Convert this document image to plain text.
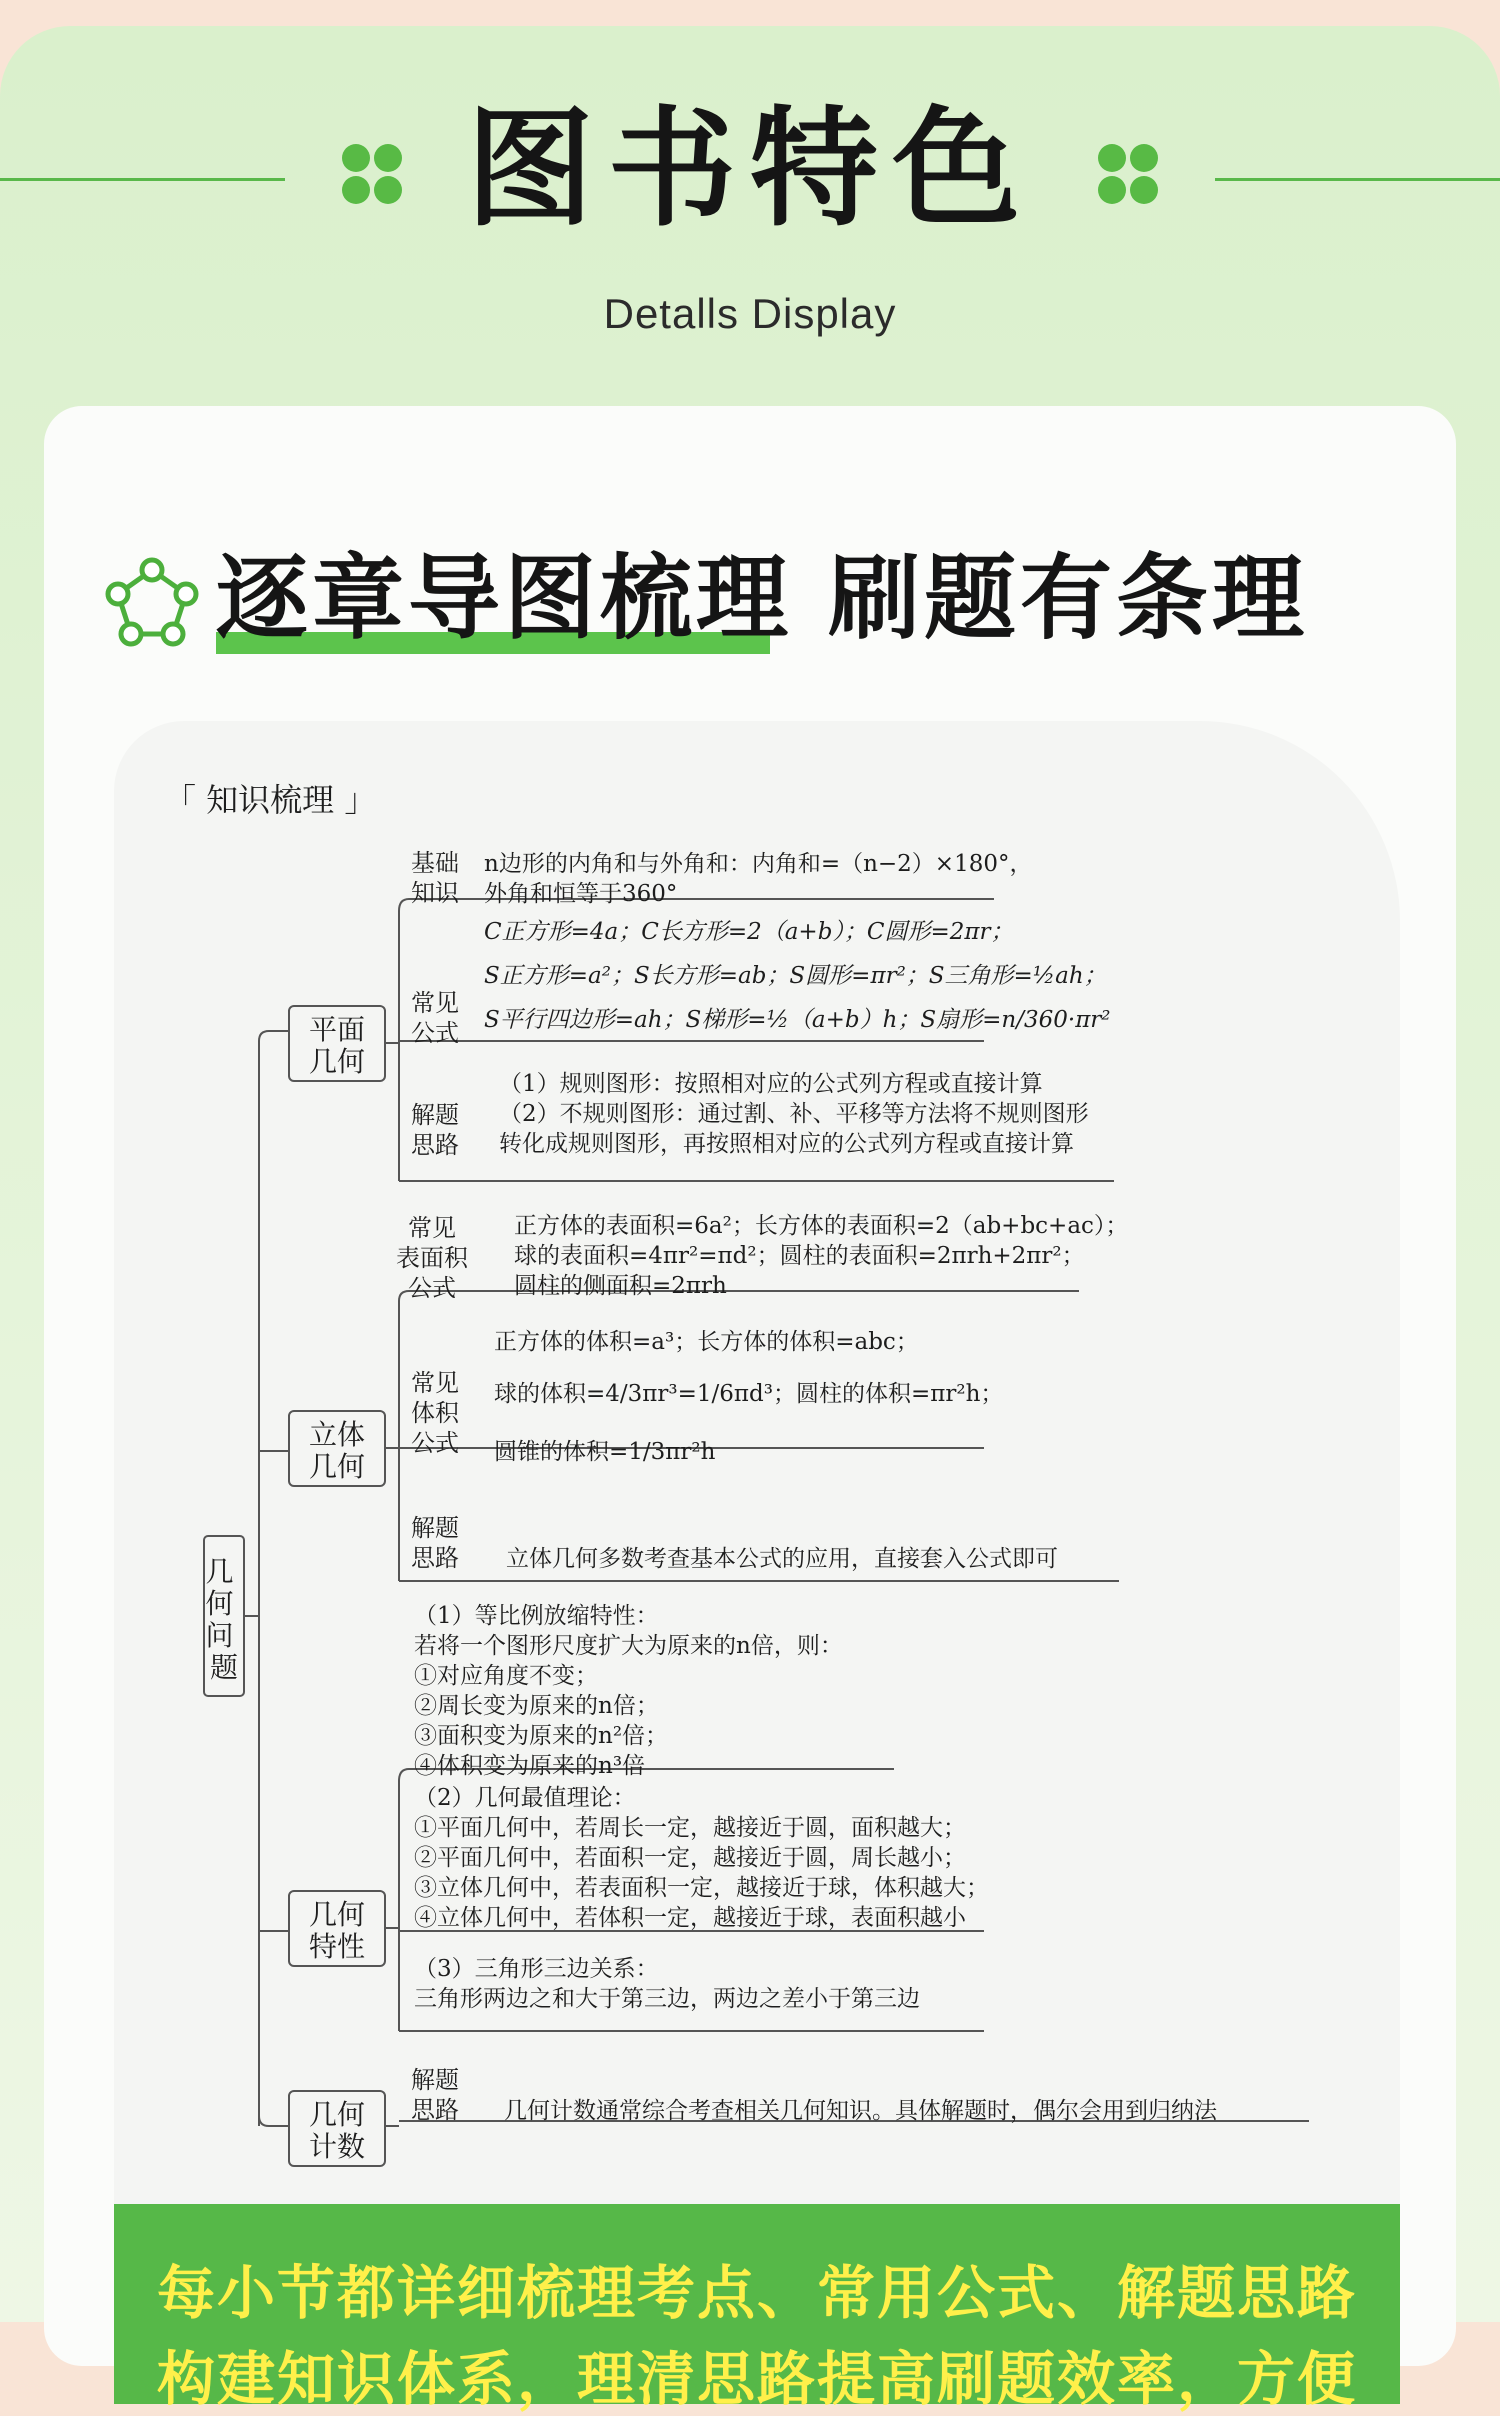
图书特色
Detalls Display
逐章导图梳理 刷题有条理
「 知识梳理 」
几 何 问 题
平面几何
立体几何
几何特性
几何计数
基础知识
常见公式
解题思路
常见表面积公式
常见体积公式
解题思路
解题思路
n边形的内角和与外角和：内角和=（n−2）×180°，
外角和恒等于360°
C正方形=4a；C长方形=2（a+b）；C圆形=2πr；
S正方形=a²；S长方形=ab；S圆形=πr²；S三角形=½ah；
S平行四边形=ah；S梯形=½（a+b）h；S扇形=n/360·πr²
（1）规则图形：按照相对应的公式列方程或直接计算
（2）不规则图形：通过割、补、平移等方法将不规则图形
转化成规则图形，再按照相对应的公式列方程或直接计算
正方体的表面积=6a²；长方体的表面积=2（ab+bc+ac）；
球的表面积=4πr²=πd²；圆柱的表面积=2πrh+2πr²；
圆柱的侧面积=2πrh
正方体的体积=a³；长方体的体积=abc；
球的体积=4/3πr³=1/6πd³；圆柱的体积=πr²h；
圆锥的体积=1/3πr²h
立体几何多数考查基本公式的应用，直接套入公式即可
（1）等比例放缩特性：
若将一个图形尺度扩大为原来的n倍，则：
①对应角度不变；
②周长变为原来的n倍；
③面积变为原来的n²倍；
④体积变为原来的n³倍
（2）几何最值理论：
①平面几何中，若周长一定，越接近于圆，面积越大；
②平面几何中，若面积一定，越接近于圆，周长越小；
③立体几何中，若表面积一定，越接近于球，体积越大；
④立体几何中，若体积一定，越接近于球，表面积越小
（3）三角形三边关系：
三角形两边之和大于第三边，两边之差小于第三边
几何计数通常综合考查相关几何知识。具体解题时，偶尔会用到归纳法
每小节都详细梳理考点、常用公式、解题思路
构建知识体系，理清思路提高刷题效率，方便
